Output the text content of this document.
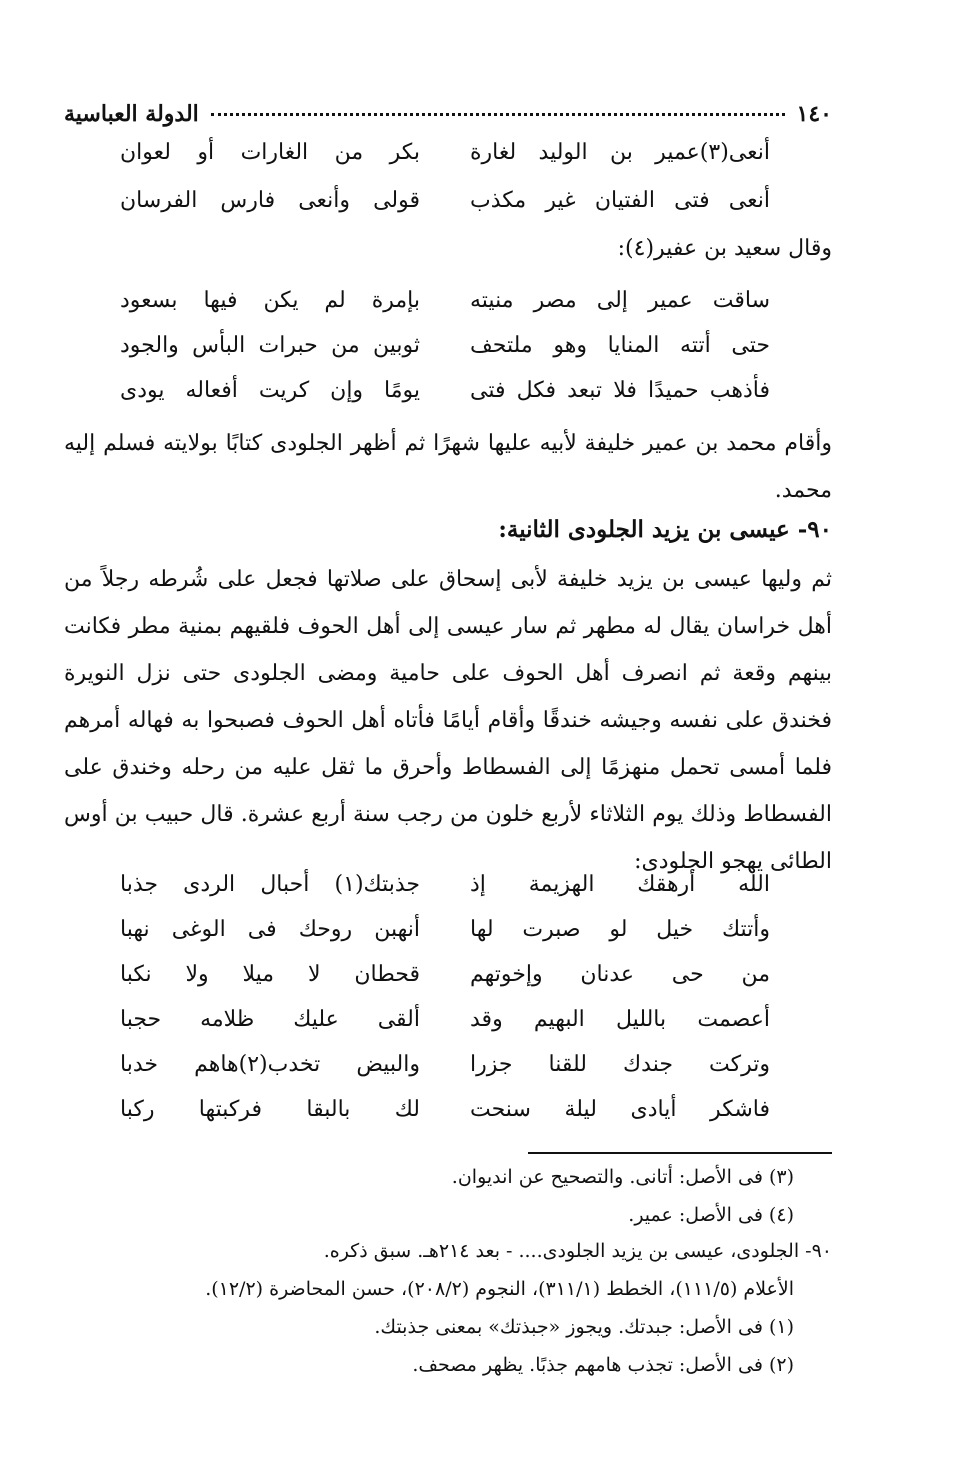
١٤٠
الدولة العباسية
أنعى(٣)عمير بن الوليد لغارة
بكر من الغارات أو لعوان
أنعى فتى الفتيان غير مكذب
قولى وأنعى فارس الفرسان
وقال سعيد بن عفير(٤):
ساقت عمير إلى مصر منيته
بإمرة لم يكن فيها بسعود
حتى أتته المنايا وهو ملتحف
ثوبين من حبرات البأس والجود
فأذهب حميدًا فلا تبعد فكل فتى
يومًا وإن كريت أفعاله يودى
وأقام محمد بن عمير خليفة لأبيه عليها شهرًا ثم أظهر الجلودى كتابًا بولايته فسلم إليه محمد.
٩٠- عيسى بن يزيد الجلودى الثانية:
ثم وليها عيسى بن يزيد خليفة لأبى إسحاق على صلاتها فجعل على شُرطه رجلاً من أهل خراسان يقال له مطهر ثم سار عيسى إلى أهل الحوف فلقيهم بمنية مطر فكانت بينهم وقعة ثم انصرف أهل الحوف على حامية ومضى الجلودى حتى نزل النويرة فخندق على نفسه وجيشه خندقًا وأقام أيامًا فأتاه أهل الحوف فصبحوا به فهاله أمرهم فلما أمسى تحمل منهزمًا إلى الفسطاط وأحرق ما ثقل عليه من رحله وخندق على الفسطاط وذلك يوم الثلاثاء لأربع خلون من رجب سنة أربع عشرة. قال حبيب بن أوس الطائى يهجو الجلودى:
الله أرهقك الهزيمة إذ
جذبتك(١) أحبال الردى جذبا
وأتتك خيل لو صبرت لها
أنهبن روحك فى الوغى نهبا
من حى عدنان وإخوتهم
قحطان لا ميلا ولا نكبا
أعصمت بالليل البهيم وقد
ألقى عليك ظلامه حجبا
وتركت جندك للقنا جزرا
والبيض تخدب(٢)هاهم خدبا
فاشكر أيادى ليلة سنحت
لك بالبقا فركبتها ركبا
(٣) فى الأصل: أتانى. والتصحيح عن انديوان.
(٤) فى الأصل: عمير.
٩٠- الجلودى، عيسى بن يزيد الجلودى.... - بعد ٢١٤هـ. سبق ذكره.
الأعلام (١١١/٥)، الخطط (٣١١/١)، النجوم (٢٠٨/٢)، حسن المحاضرة (١٢/٢).
(١) فى الأصل: جبدتك. ويجوز «جبذتك» بمعنى جذبتك.
(٢) فى الأصل: تجذب هامهم جذبًا. يظهر مصحف.
